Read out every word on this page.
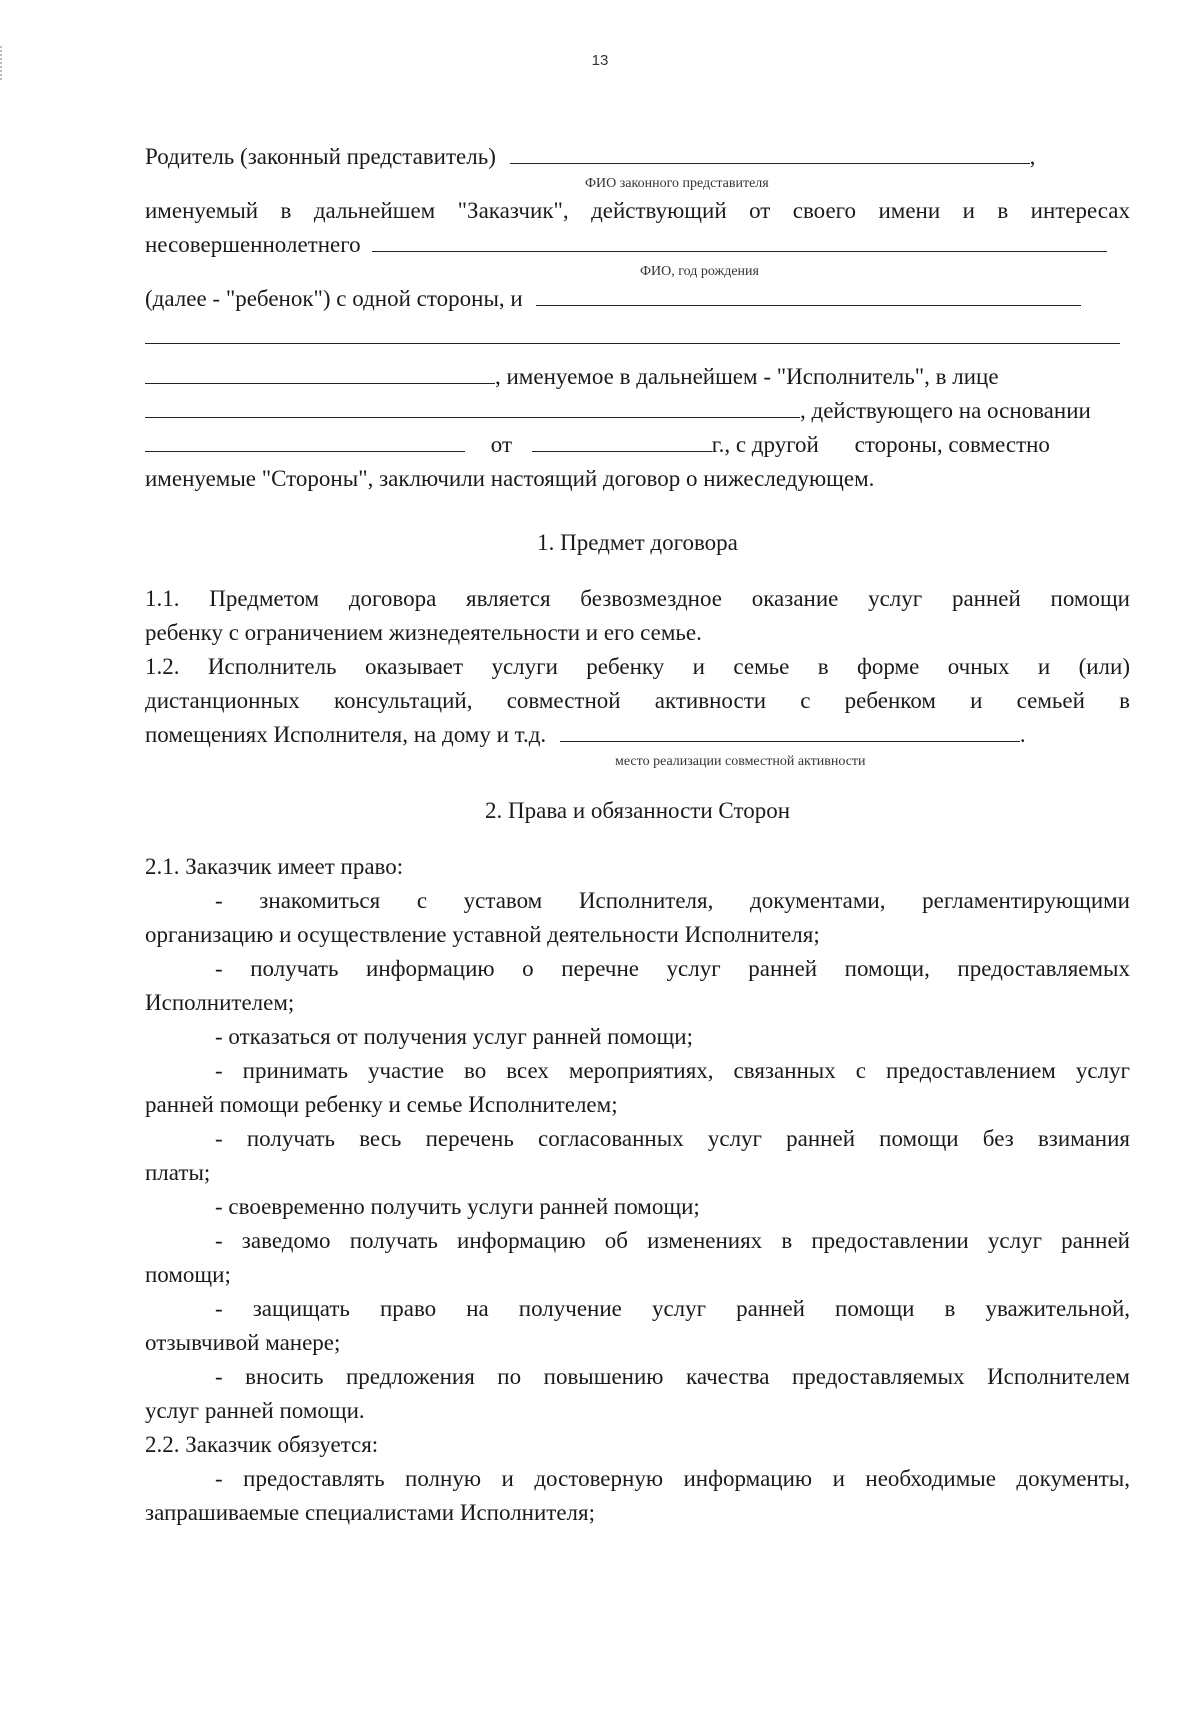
13
Родитель (законный представитель)	,
ФИО законного представителя
именуемый в дальнейшем "Заказчик", действующий от своего имени и в интересах
несовершеннолетнего
ФИО, год рождения
(далее - "ребенок") с одной стороны, и
, именуемое в дальнейшем - "Исполнитель", в лице
, действующего на основании
от	г., с другой стороны, совместно
именуемые "Стороны", заключили настоящий договор о нижеследующем.
1. Предмет договора
1.1. Предметом договора является безвозмездное оказание услуг ранней помощи
ребенку с ограничением жизнедеятельности и его семье.
1.2. Исполнитель оказывает услуги ребенку и семье в форме очных и (или)
дистанционных консультаций, совместной активности с ребенком и семьей в
помещениях Исполнителя, на дому и т.д.	.
место реализации совместной активности
2. Права и обязанности Сторон
2.1. Заказчик имеет право:
- знакомиться с уставом Исполнителя, документами, регламентирующими
организацию и осуществление уставной деятельности Исполнителя;
- получать информацию о перечне услуг ранней помощи, предоставляемых
Исполнителем;
- отказаться от получения услуг ранней помощи;
- принимать участие во всех мероприятиях, связанных с предоставлением услуг
ранней помощи ребенку и семье Исполнителем;
- получать весь перечень согласованных услуг ранней помощи без взимания
платы;
- своевременно получить услуги ранней помощи;
- заведомо получать информацию об изменениях в предоставлении услуг ранней
помощи;
- защищать право на получение услуг ранней помощи в уважительной,
отзывчивой манере;
- вносить предложения по повышению качества предоставляемых Исполнителем
услуг ранней помощи.
2.2. Заказчик обязуется:
- предоставлять полную и достоверную информацию и необходимые документы,
запрашиваемые специалистами Исполнителя;
